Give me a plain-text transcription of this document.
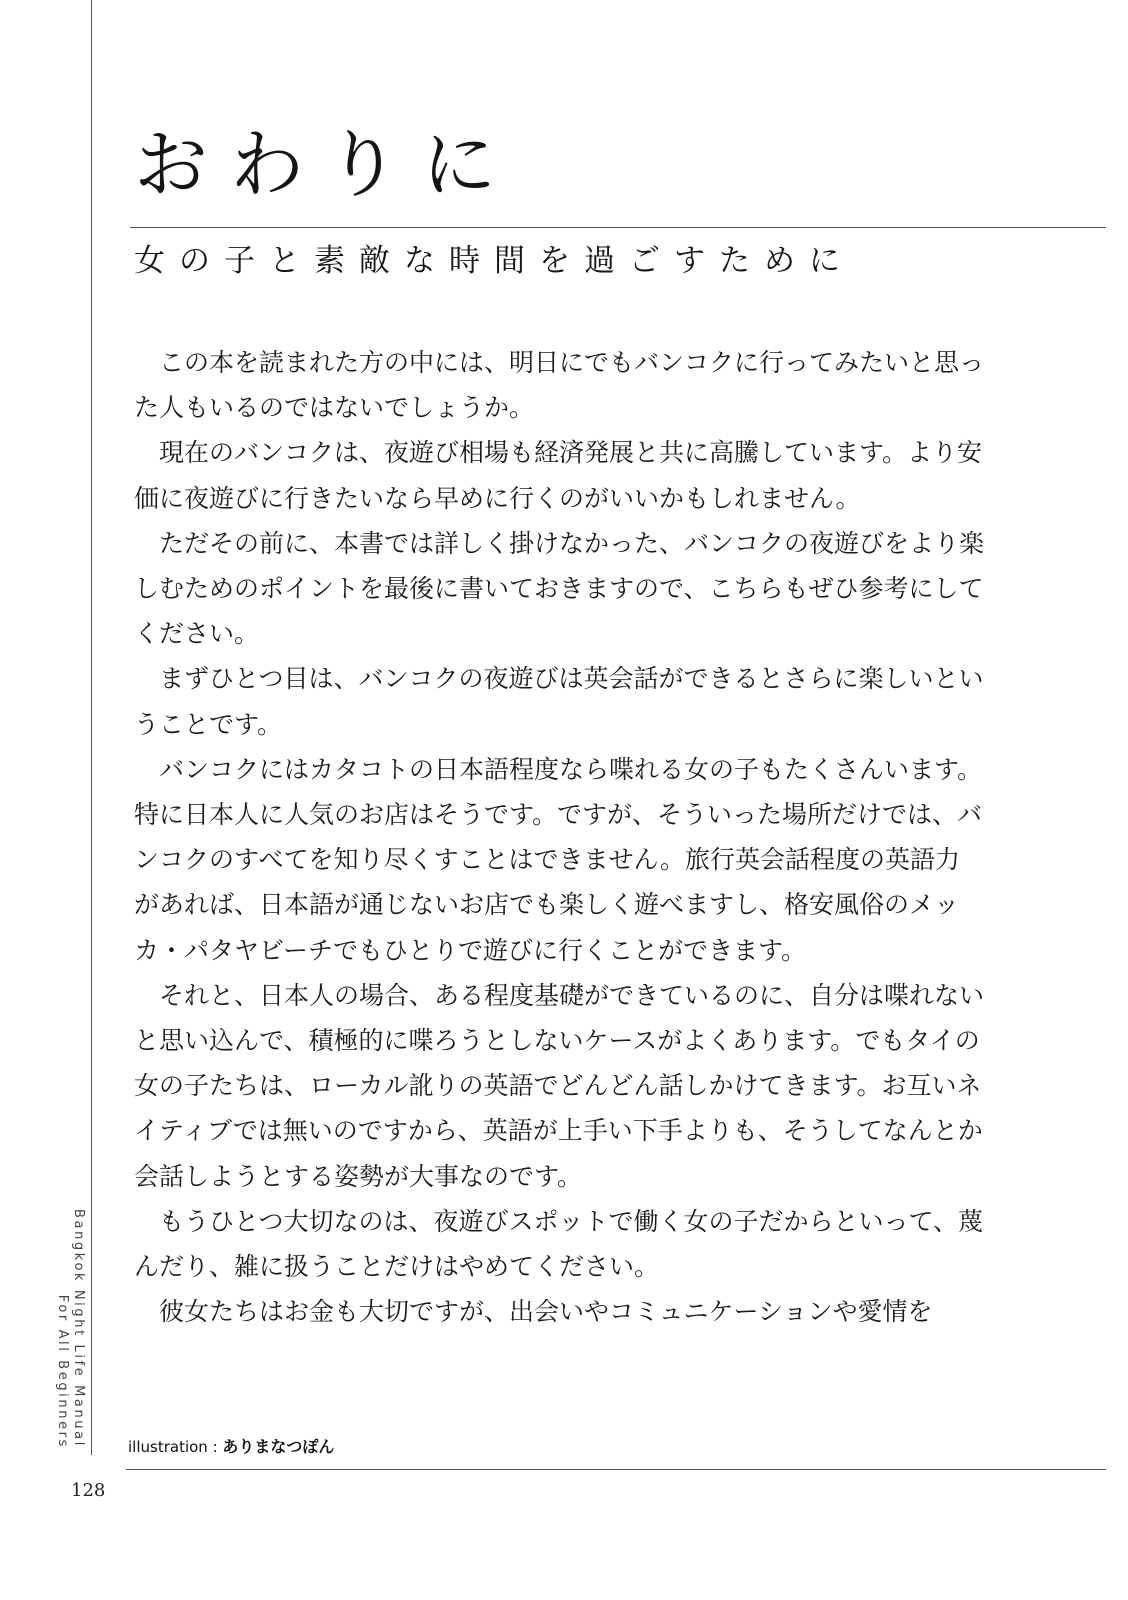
おわりに
女の子と素敵な時間を過ごすために

この本を読まれた方の中には、明日にでもバンコクに行ってみたいと思った人もいるのではないでしょうか。

現在のバンコクは、夜遊び相場も経済発展と共に高騰しています。より安価に夜遊びに行きたいなら早めに行くのがいいかもしれません。

ただその前に、本書では詳しく掛けなかった、バンコクの夜遊びをより楽しむためのポイントを最後に書いておきますので、こちらもぜひ参考にしてください。

まずひとつ目は、バンコクの夜遊びは英会話ができるとさらに楽しいということです。

バンコクにはカタコトの日本語程度なら喋れる女の子もたくさんいます。特に日本人に人気のお店はそうです。ですが、そういった場所だけでは、バンコクのすべてを知り尽くすことはできません。旅行英会話程度の英語力があれば、日本語が通じないお店でも楽しく遊べますし、格安風俗のメッカ・パタヤビーチでもひとりで遊びに行くことができます。

それと、日本人の場合、ある程度基礎ができているのに、自分は喋れないと思い込んで、積極的に喋ろうとしないケースがよくあります。でもタイの女の子たちは、ローカル訛りの英語でどんどん話しかけてきます。お互いネイティブでは無いのですから、英語が上手い下手よりも、そうしてなんとか会話しようとする姿勢が大事なのです。

もうひとつ大切なのは、夜遊びスポットで働く女の子だからといって、蔑んだり、雑に扱うことだけはやめてください。

彼女たちはお金も大切ですが、出会いやコミュニケーションや愛情を

Bangkok Night Life Manual
For All Beginners	illustration : ありまなつぽん
128
